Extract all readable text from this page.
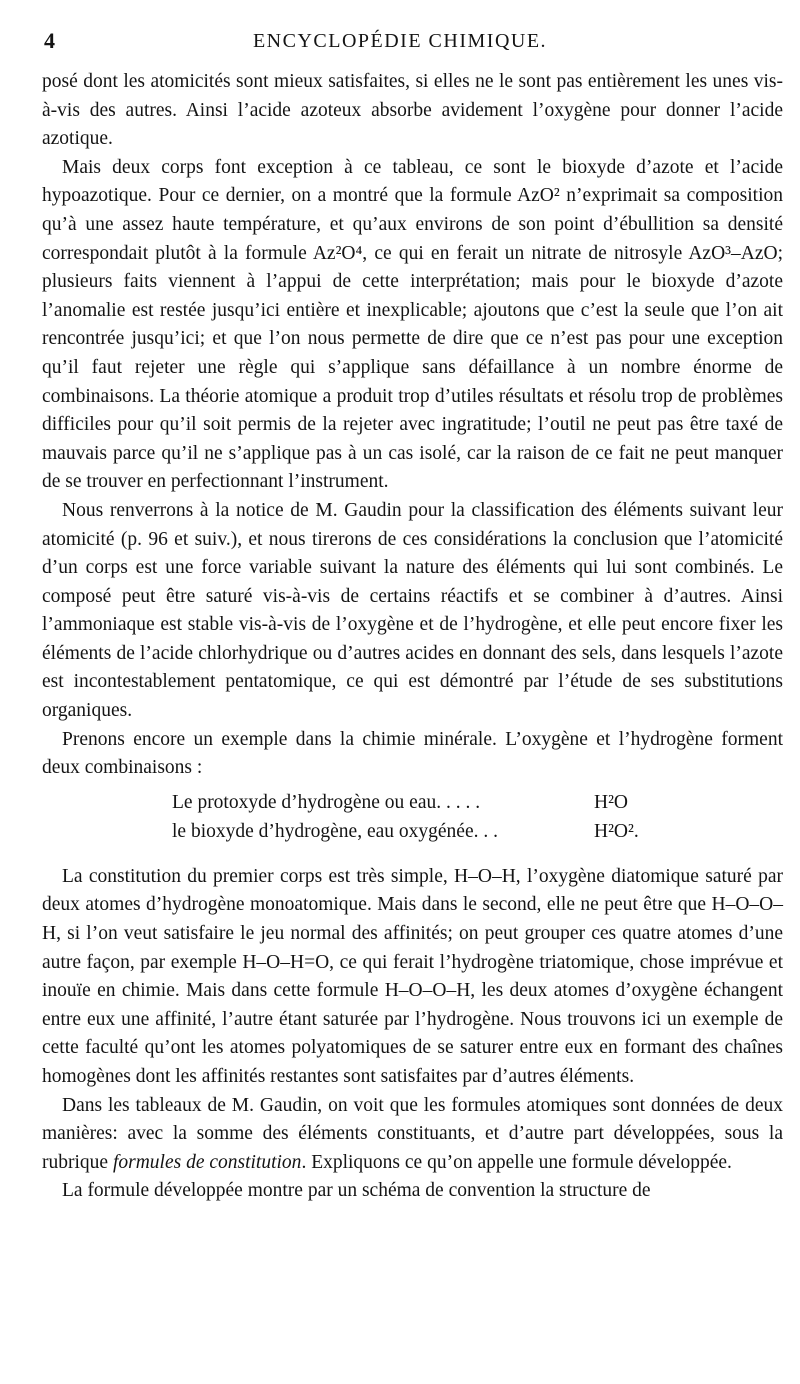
4	ENCYCLOPÉDIE CHIMIQUE.

posé dont les atomicités sont mieux satisfaites, si elles ne le sont pas entièrement les unes vis-à-vis des autres. Ainsi l’acide azoteux absorbe avidement l’oxygène pour donner l’acide azotique.

Mais deux corps font exception à ce tableau, ce sont le bioxyde d’azote et l’acide hypoazotique. Pour ce dernier, on a montré que la formule AzO² n’exprimait sa composition qu’à une assez haute température, et qu’aux environs de son point d’ébullition sa densité correspondait plutôt à la formule Az²O⁴, ce qui en ferait un nitrate de nitrosyle AzO³–AzO; plusieurs faits viennent à l’appui de cette interprétation; mais pour le bioxyde d’azote l’anomalie est restée jusqu’ici entière et inexplicable; ajoutons que c’est la seule que l’on ait rencontrée jusqu’ici; et que l’on nous permette de dire que ce n’est pas pour une exception qu’il faut rejeter une règle qui s’applique sans défaillance à un nombre énorme de combinaisons. La théorie atomique a produit trop d’utiles résultats et résolu trop de problèmes difficiles pour qu’il soit permis de la rejeter avec ingratitude; l’outil ne peut pas être taxé de mauvais parce qu’il ne s’applique pas à un cas isolé, car la raison de ce fait ne peut manquer de se trouver en perfectionnant l’instrument.

Nous renverrons à la notice de M. Gaudin pour la classification des éléments suivant leur atomicité (p. 96 et suiv.), et nous tirerons de ces considérations la conclusion que l’atomicité d’un corps est une force variable suivant la nature des éléments qui lui sont combinés. Le composé peut être saturé vis-à-vis de certains réactifs et se combiner à d’autres. Ainsi l’ammoniaque est stable vis-à-vis de l’oxygène et de l’hydrogène, et elle peut encore fixer les éléments de l’acide chlorhydrique ou d’autres acides en donnant des sels, dans lesquels l’azote est incontestablement pentatomique, ce qui est démontré par l’étude de ses substitutions organiques.

Prenons encore un exemple dans la chimie minérale. L’oxygène et l’hydrogène forment deux combinaisons :

Le protoxyde d’hydrogène ou eau. . . . .	H²O
le bioxyde d’hydrogène, eau oxygénée. . .	H²O².

La constitution du premier corps est très simple, H–O–H, l’oxygène diatomique saturé par deux atomes d’hydrogène monoatomique. Mais dans le second, elle ne peut être que H–O–O–H, si l’on veut satisfaire le jeu normal des affinités; on peut grouper ces quatre atomes d’une autre façon, par exemple H–O–H=O, ce qui ferait l’hydrogène triatomique, chose imprévue et inouïe en chimie. Mais dans cette formule H–O–O–H, les deux atomes d’oxygène échangent entre eux une affinité, l’autre étant saturée par l’hydrogène. Nous trouvons ici un exemple de cette faculté qu’ont les atomes polyatomiques de se saturer entre eux en formant des chaînes homogènes dont les affinités restantes sont satisfaites par d’autres éléments.

Dans les tableaux de M. Gaudin, on voit que les formules atomiques sont données de deux manières: avec la somme des éléments constituants, et d’autre part développées, sous la rubrique formules de constitution. Expliquons ce qu’on appelle une formule développée.

La formule développée montre par un schéma de convention la structure de
